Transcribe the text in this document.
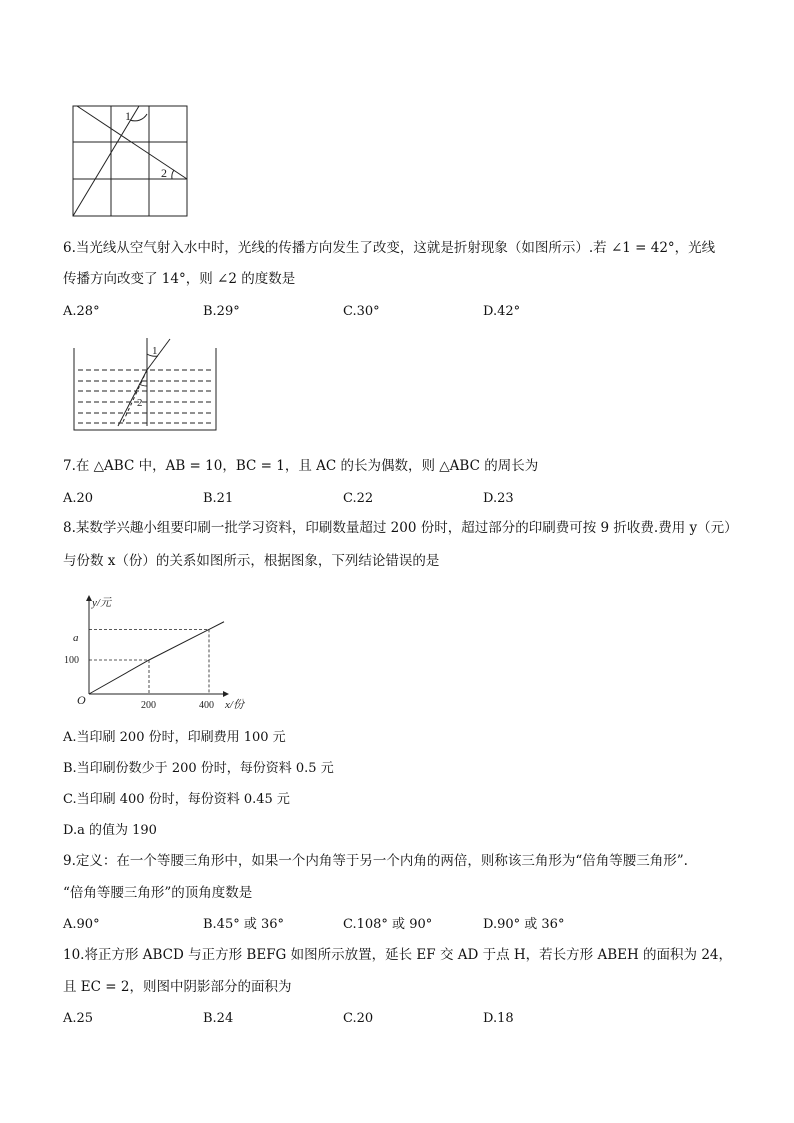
1
2
6.当光线从空气射入水中时，光线的传播方向发生了改变，这就是折射现象（如图所示）.若 ∠1 = 42°，光线
传播方向改变了 14°，则 ∠2 的度数是
A.28°	B.29°	C.30°	D.42°
1
2
7.在 △ABC 中，AB = 10，BC = 1，且 AC 的长为偶数，则 △ABC 的周长为
A.20	B.21	C.22	D.23
8.某数学兴趣小组要印刷一批学习资料，印刷数量超过 200 份时，超过部分的印刷费可按 9 折收费.费用 y（元）
与份数 x（份）的关系如图所示，根据图象，下列结论错误的是
y/元
x/份
O
a
100
200	400
A.当印刷 200 份时，印刷费用 100 元
B.当印刷份数少于 200 份时，每份资料 0.5 元
C.当印刷 400 份时，每份资料 0.45 元
D.a 的值为 190
9.定义：在一个等腰三角形中，如果一个内角等于另一个内角的两倍，则称该三角形为“倍角等腰三角形”.
“倍角等腰三角形”的顶角度数是
A.90°	B.45° 或 36°	C.108° 或 90°	D.90° 或 36°
10.将正方形 ABCD 与正方形 BEFG 如图所示放置，延长 EF 交 AD 于点 H，若长方形 ABEH 的面积为 24，
且 EC = 2，则图中阴影部分的面积为
A.25	B.24	C.20	D.18
